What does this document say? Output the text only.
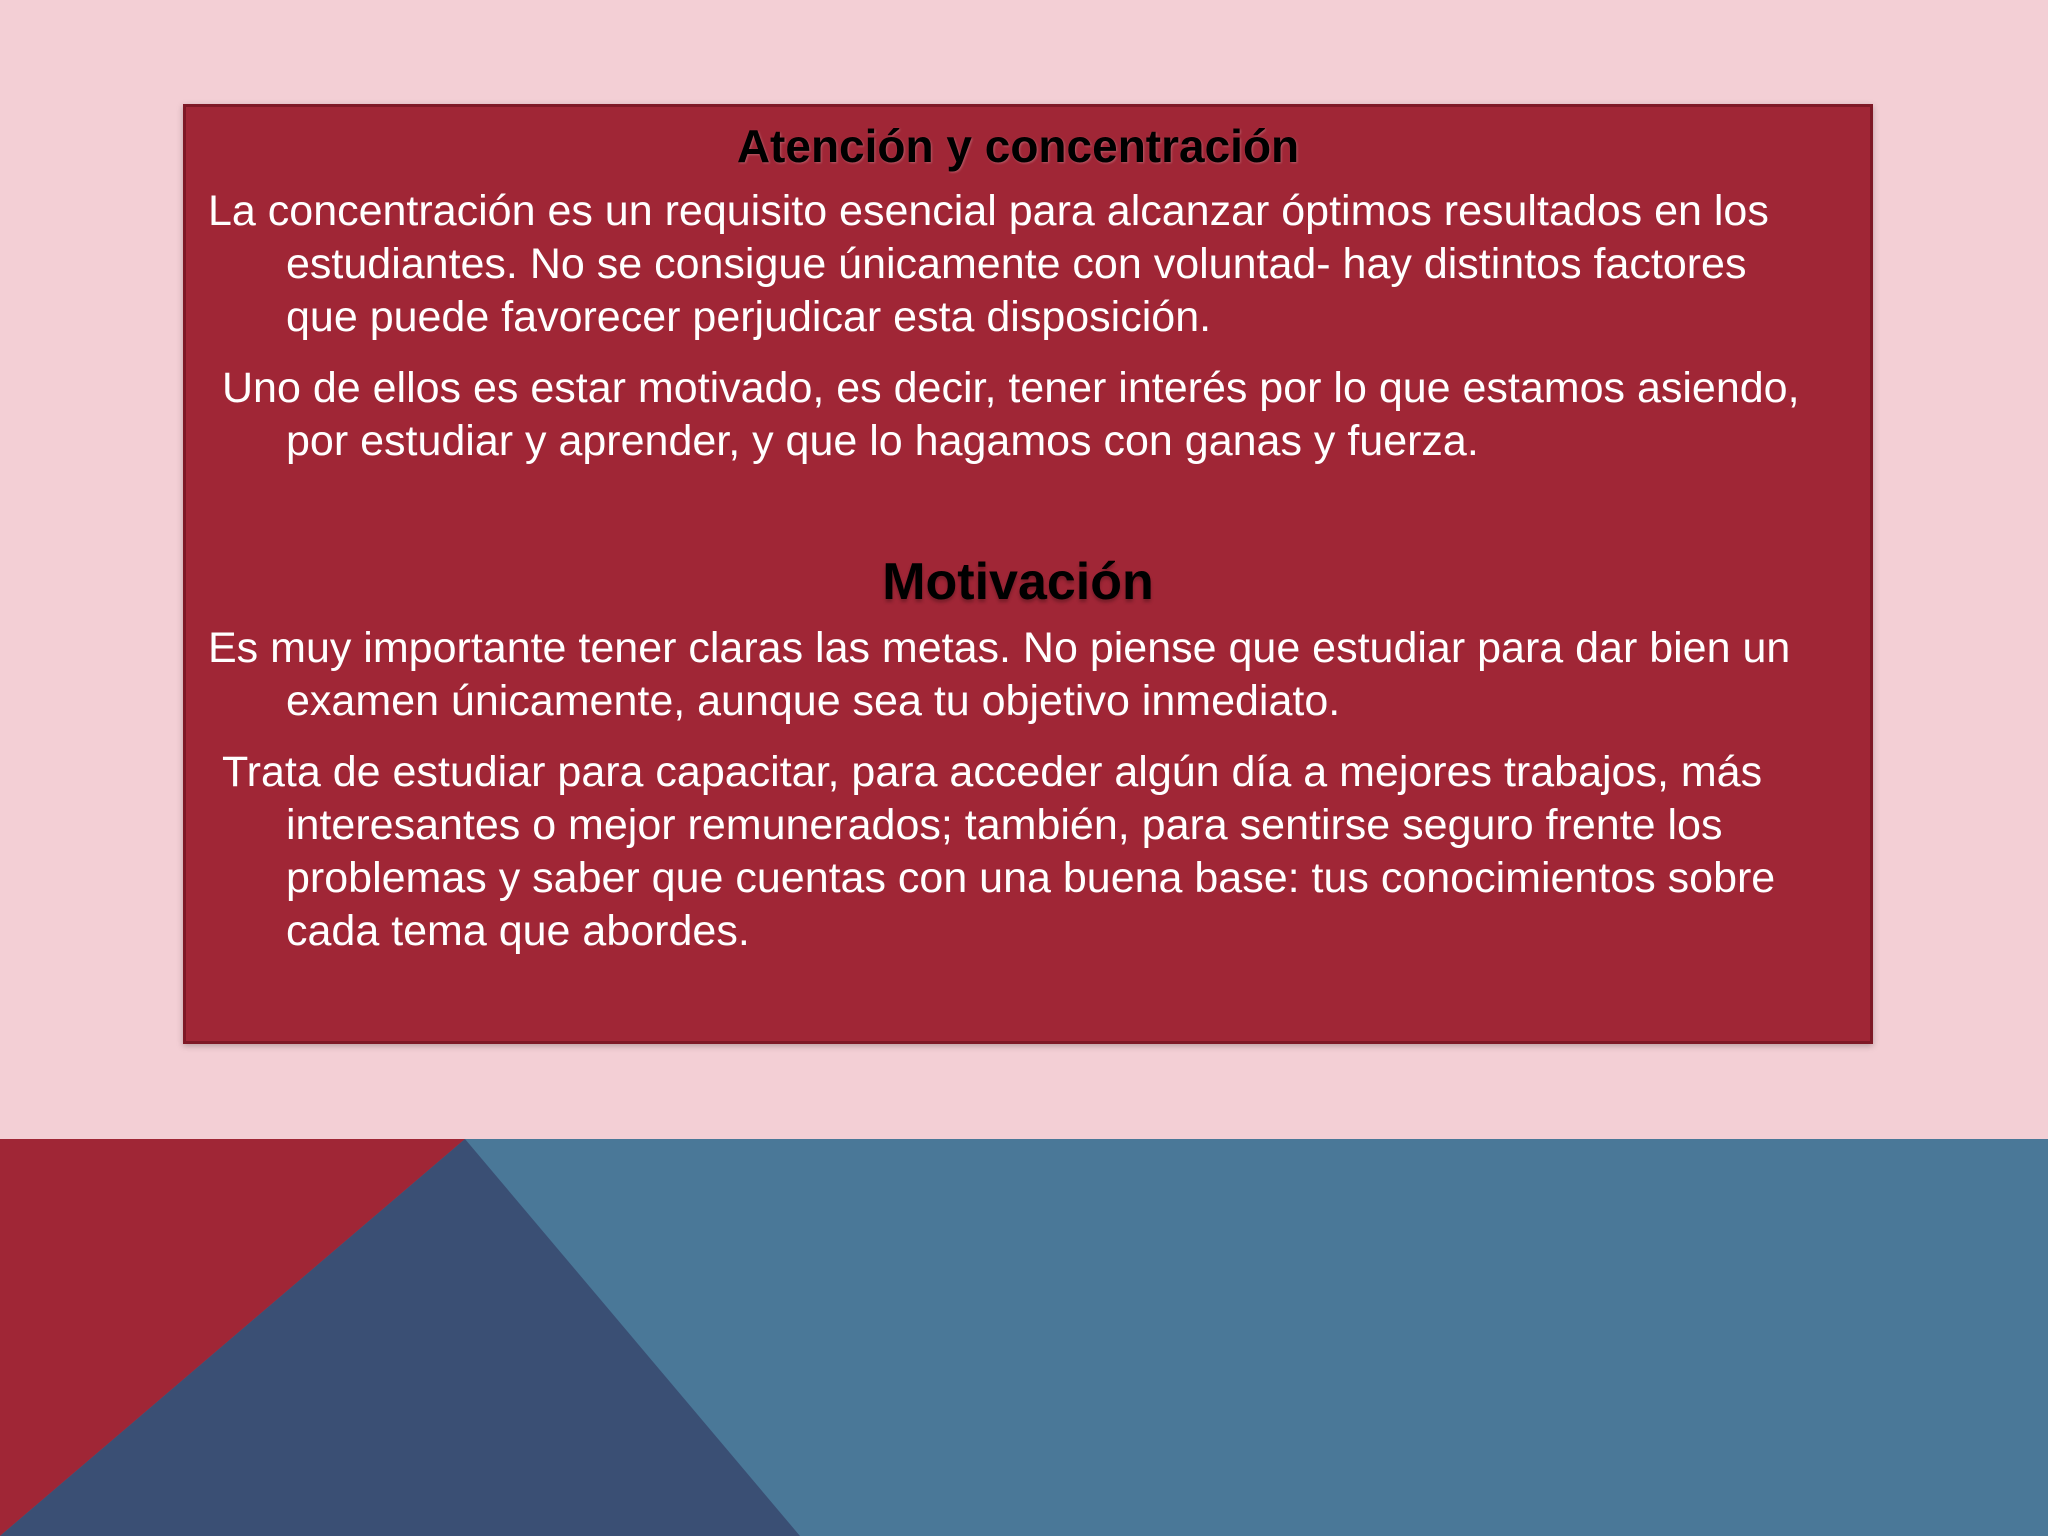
Atención y concentración

La concentración es un requisito esencial para alcanzar óptimos resultados en los estudiantes. No se consigue únicamente con voluntad- hay distintos factores que puede favorecer perjudicar esta disposición.

Uno de ellos es estar motivado, es decir, tener interés por lo que estamos asiendo, por estudiar y aprender, y que lo hagamos con ganas y fuerza.

Motivación

Es muy importante tener claras las metas. No piense que estudiar para dar bien un examen únicamente, aunque sea tu objetivo inmediato.

Trata de estudiar para capacitar, para acceder algún día a mejores trabajos, más interesantes o mejor remunerados; también, para sentirse seguro frente los problemas y saber que cuentas con una buena base: tus conocimientos sobre cada tema que abordes.
